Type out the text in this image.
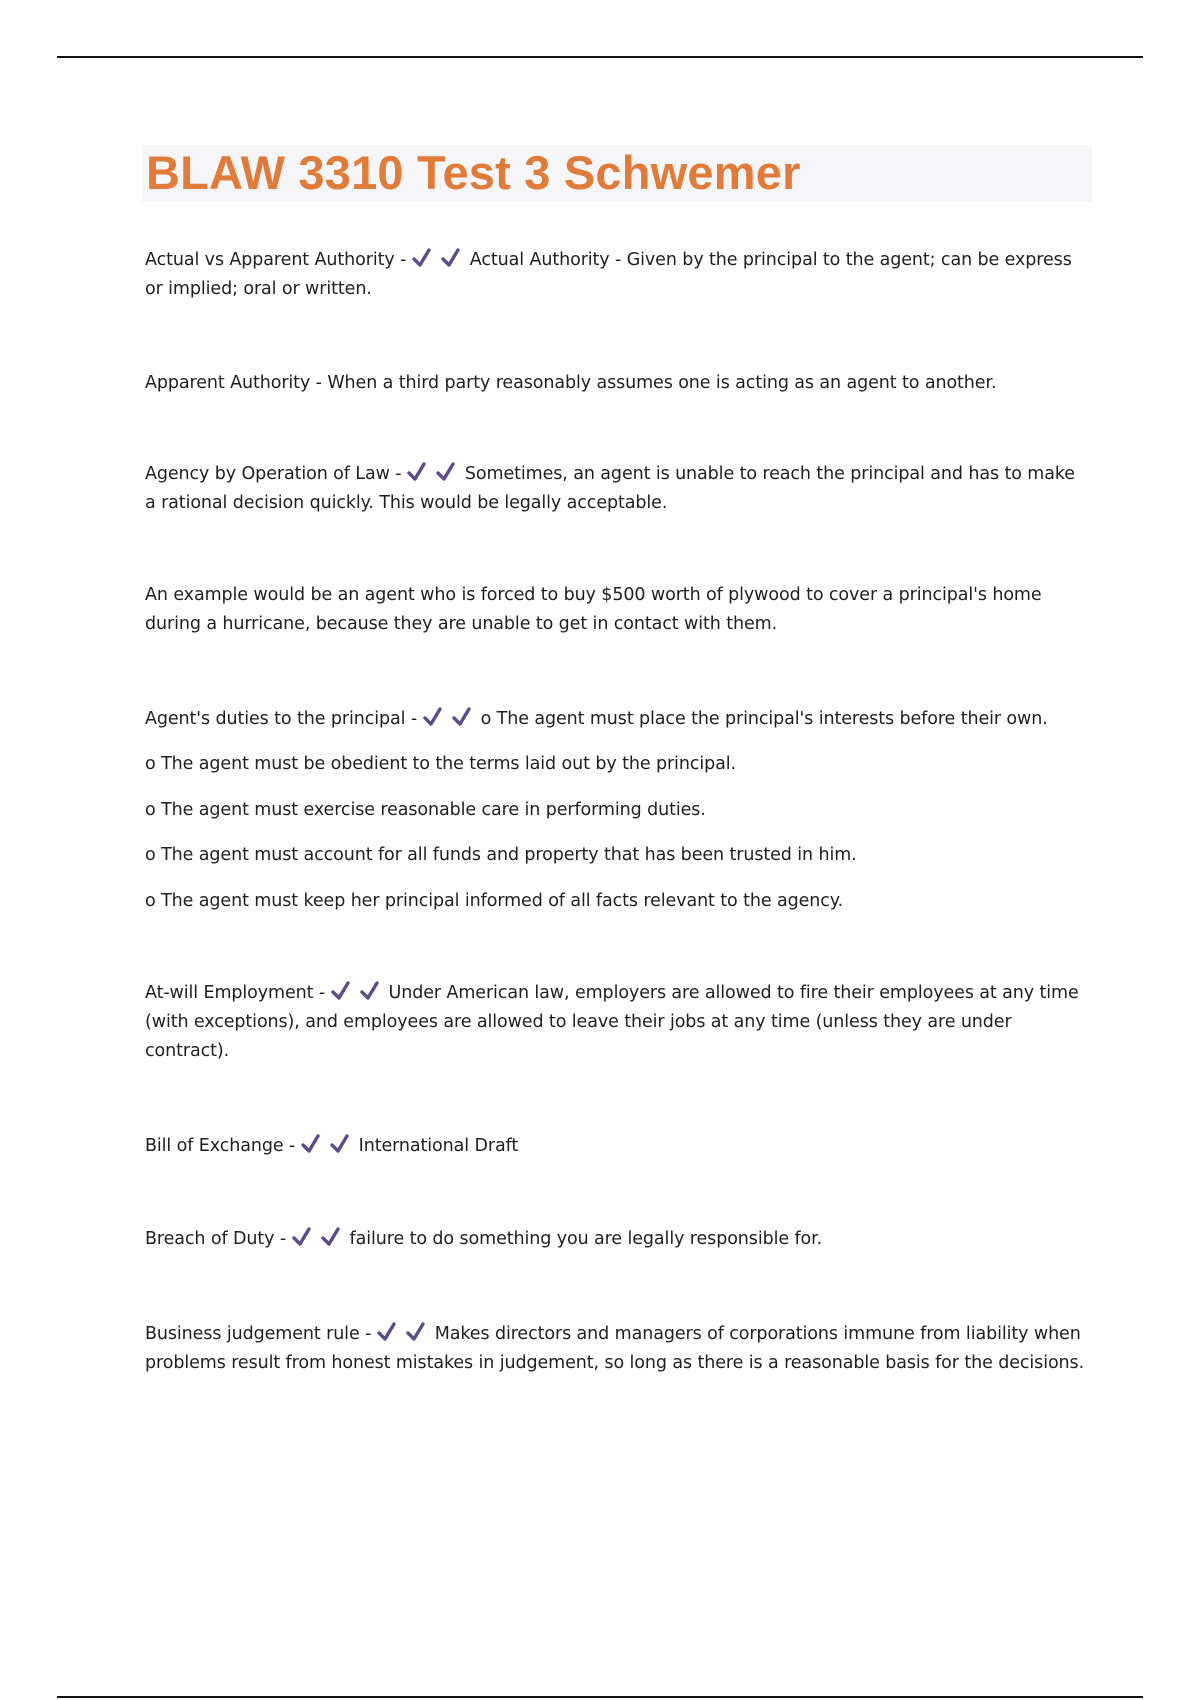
BLAW 3310 Test 3 Schwemer
Actual vs Apparent Authority -	Actual Authority - Given by the principal to the agent; can be express or implied; oral or written.
Apparent Authority - When a third party reasonably assumes one is acting as an agent to another.
Agency by Operation of Law -	Sometimes, an agent is unable to reach the principal and has to make a rational decision quickly. This would be legally acceptable.
An example would be an agent who is forced to buy $500 worth of plywood to cover a principal's home during a hurricane, because they are unable to get in contact with them.
Agent's duties to the principal -	o The agent must place the principal's interests before their own.
o The agent must be obedient to the terms laid out by the principal.
o The agent must exercise reasonable care in performing duties.
o The agent must account for all funds and property that has been trusted in him.
o The agent must keep her principal informed of all facts relevant to the agency.
At-will Employment -	Under American law, employers are allowed to fire their employees at any time (with exceptions), and employees are allowed to leave their jobs at any time (unless they are under contract).
Bill of Exchange -	International Draft
Breach of Duty -	failure to do something you are legally responsible for.
Business judgement rule -	Makes directors and managers of corporations immune from liability when problems result from honest mistakes in judgement, so long as there is a reasonable basis for the decisions.
